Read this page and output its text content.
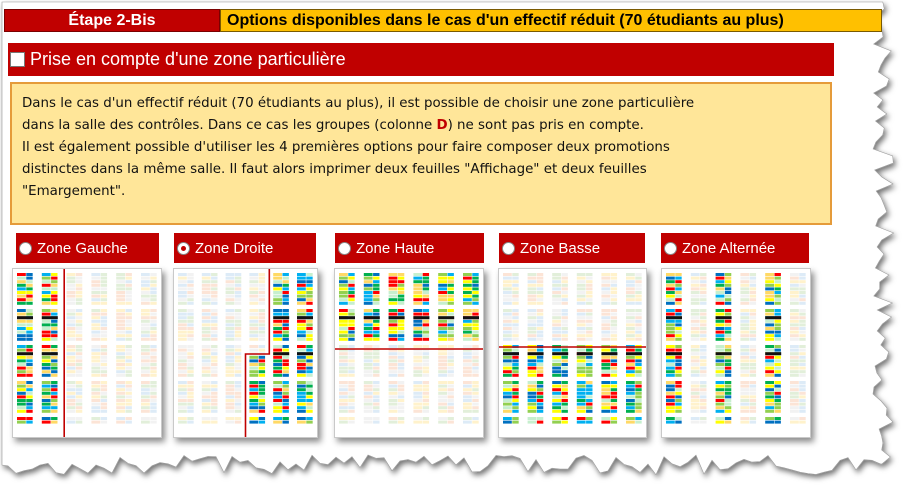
Étape 2-Bis	Options disponibles dans le cas d'un effectif réduit (70 étudiants au plus)
Prise en compte d'une zone particulière
Dans le cas d'un effectif réduit (70 étudiants au plus), il est possible de choisir une zone particulière
dans la salle des contrôles. Dans ce cas les groupes (colonne D) ne sont pas pris en compte.
Il est également possible d'utiliser les 4 premières options pour faire composer deux promotions
distinctes dans la même salle. Il faut alors imprimer deux feuilles "Affichage" et deux feuilles
"Emargement".
Zone Gauche	Zone Droite	Zone Haute	Zone Basse	Zone Alternée
